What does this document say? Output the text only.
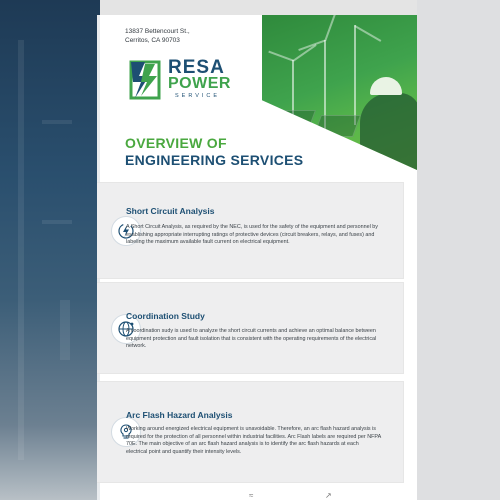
13837 Bettencourt St.,
Cerritos, CA 90703
RESA
POWER
SERVICE
OVERVIEW OF
ENGINEERING SERVICES
Short Circuit Analysis
A Short Circuit Analysis, as required by the NEC, is used for the safety of the equipment and personnel by esablishing appropriate interrupting ratings of protective devices (circuit breakers, relays, and fuses) and labeling the maximum available fault current on electrical equipment.
Coordination Study
A coordination sudy is used to analyze the short circuit currents and achieve an optimal balance between equipment protection and fault isolation that is consistent with the operating requirements of the electrical network.
Arc Flash Hazard Analysis
Working around energized electrical equipment is unavoidable. Therefore, an arc flash hazard analysis is required for the protection of all personnel within industrial facilities. Arc Flash labels are required per NFPA 70E. The main objective of an arc flash hazard analysis is to identify the arc flash hazards at each electrical point and quantify their intensity levels.
≈	↗
